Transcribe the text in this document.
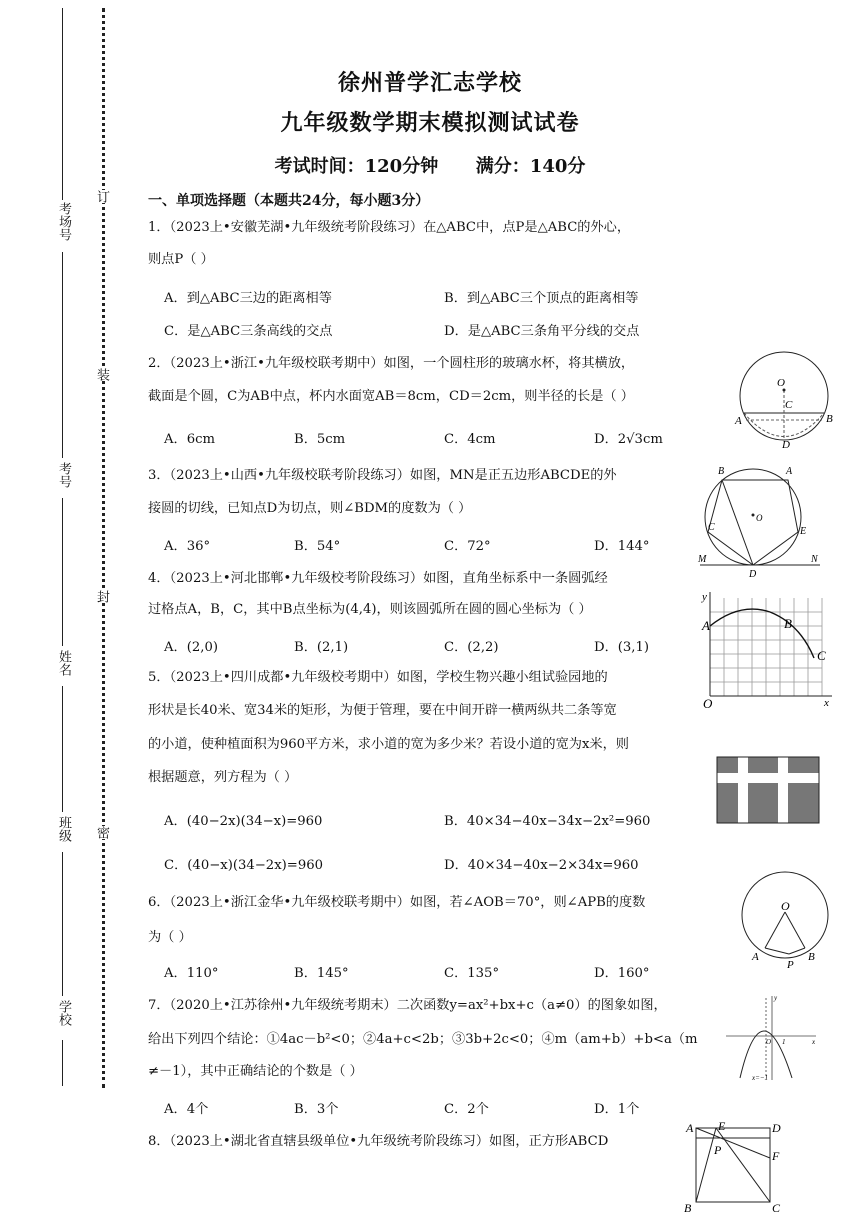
考场号
考号
姓名
班级
学校
订
装
封
密
徐州普学汇志学校
九年级数学期末模拟测试试卷
考试时间：120分钟      满分：140分
一、单项选择题（本题共24分，每小题3分）
1．（2023上•安徽芜湖•九年级统考阶段练习）在△ABC中，点P是△ABC的外心，
则点P（ ）
A．到△ABC三边的距离相等	B．到△ABC三个顶点的距离相等
C．是△ABC三条高线的交点	D．是△ABC三条角平分线的交点
2．（2023上•浙江•九年级校联考期中）如图，一个圆柱形的玻璃水杯，将其横放，
截面是个圆，C为AB中点，杯内水面宽AB＝8cm，CD＝2cm，则半径的长是（ ）
A．6cm	B．5cm	C．4cm	D．2√3cm
O
C
A	B
D
3．（2023上•山西•九年级校联考阶段练习）如图，MN是正五边形ABCDE的外
接圆的切线，已知点D为切点，则∠BDM的度数为（ ）
A．36°	B．54°	C．72°	D．144°
B	A
O
C	E
M
D
N
4．（2023上•河北邯郸•九年级校考阶段练习）如图，直角坐标系中一条圆弧经
过格点A，B，C，其中B点坐标为(4,4)，则该圆弧所在圆的圆心坐标为（ ）
A．(2,0)	B．(2,1)	C．(2,2)	D．(3,1)
y
A	B
C
O	x
5．（2023上•四川成都•九年级校考期中）如图，学校生物兴趣小组试验园地的
形状是长40米、宽34米的矩形，为便于管理，要在中间开辟一横两纵共二条等宽
的小道，使种植面积为960平方米，求小道的宽为多少米？若设小道的宽为x米，则
根据题意，列方程为（ ）
A．(40−2x)(34−x)=960	B．40×34−40x−34x−2x²=960
C．(40−x)(34−2x)=960	D．40×34−40x−2×34x=960
6．（2023上•浙江金华•九年级校联考期中）如图，若∠AOB＝70°，则∠APB的度数
为（ ）
A．110°	B．145°	C．135°	D．160°
O
A
P
B
7．（2020上•江苏徐州•九年级统考期末）二次函数y=ax²+bx+c（a≠0）的图象如图，
给出下列四个结论：①4ac－b²<0；②4a+c<2b；③3b+2c<0；④m（am+b）+b<a（m
≠－1），其中正确结论的个数是（ ）
A．4个	B．3个	C．2个	D．1个
y
O 1	x
x=−1
8．（2023上•湖北省直辖县级单位•九年级统考阶段练习）如图，正方形ABCD
A E	D
P	F
B	C
